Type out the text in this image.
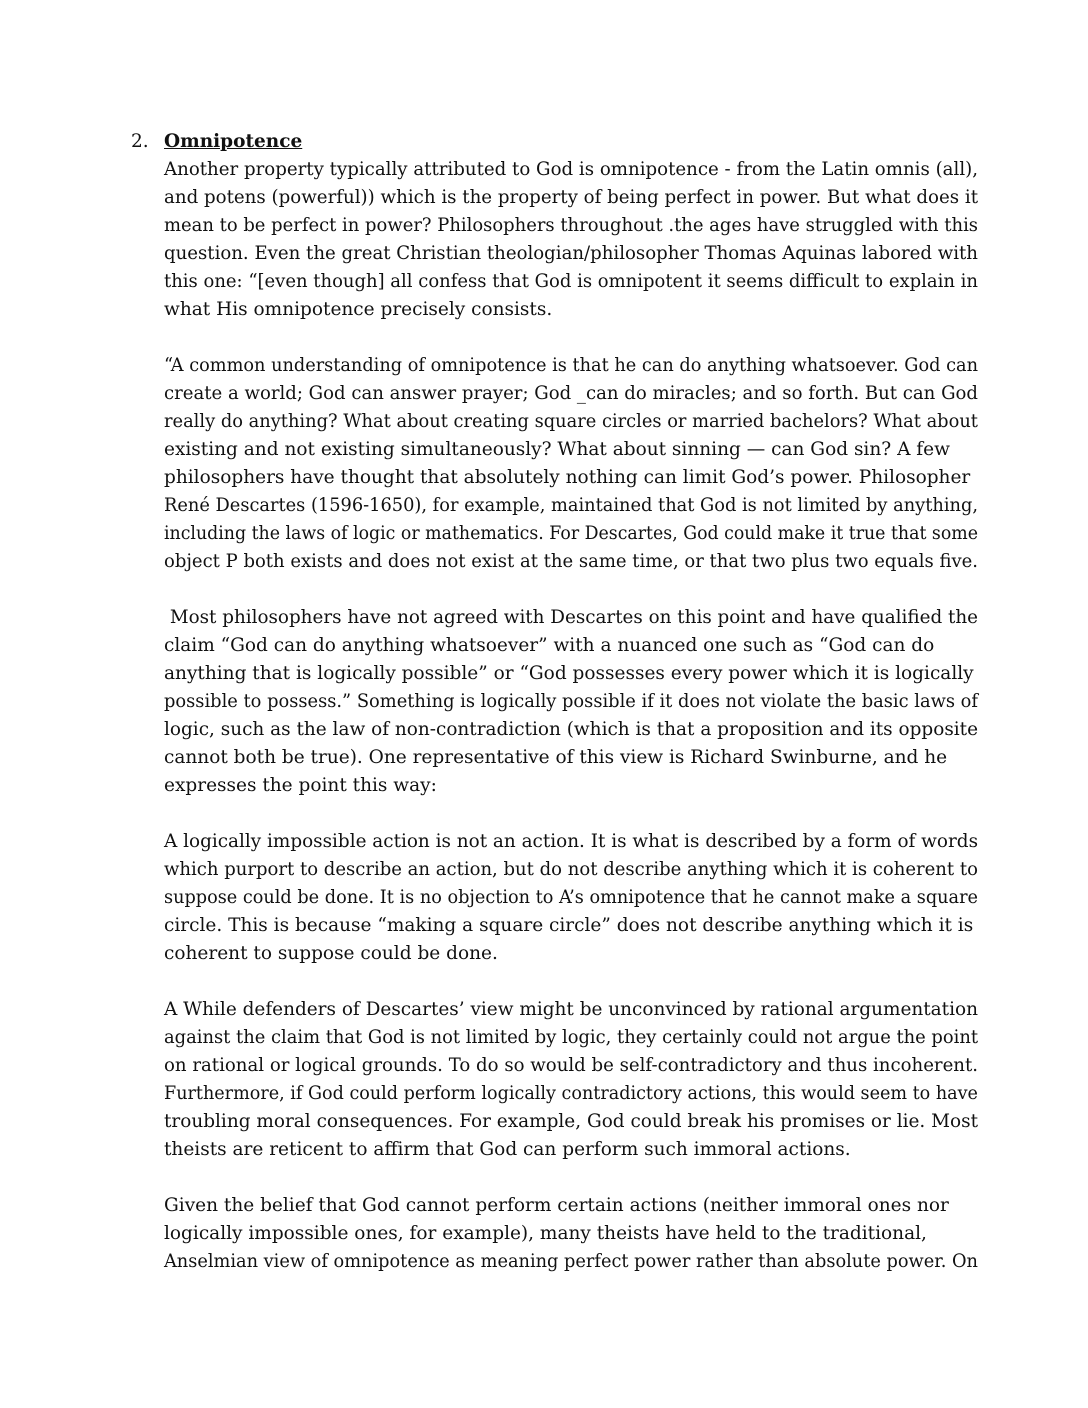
2. Omnipotence
Another property typically attributed to God is omnipotence - from the Latin omnis (all),
and potens (powerful)) which is the property of being perfect in power. But what does it
mean to be perfect in power? Philosophers throughout .the ages have struggled with this
question. Even the great Christian theologian/philosopher Thomas Aquinas labored with
this one: “[even though] all confess that God is omnipotent it seems difficult to explain in
what His omnipotence precisely consists.
“A common understanding of omnipotence is that he can do anything whatsoever. God can
create a world; God can answer prayer; God _can do miracles; and so forth. But can God
really do anything? What about creating square circles or married bachelors? What about
existing and not existing simultaneously? What about sinning — can God sin? A few
philosophers have thought that absolutely nothing can limit God’s power. Philosopher
René Descartes (1596-1650), for example, maintained that God is not limited by anything,
including the laws of logic or mathematics. For Descartes, God could make it true that some
object P both exists and does not exist at the same time, or that two plus two equals five.
Most philosophers have not agreed with Descartes on this point and have qualified the
claim “God can do anything whatsoever” with a nuanced one such as “God can do
anything that is logically possible” or “God possesses every power which it is logically
possible to possess.” Something is logically possible if it does not violate the basic laws of
logic, such as the law of non-contradiction (which is that a proposition and its opposite
cannot both be true). One representative of this view is Richard Swinburne, and he
expresses the point this way:
A logically impossible action is not an action. It is what is described by a form of words
which purport to describe an action, but do not describe anything which it is coherent to
suppose could be done. It is no objection to A’s omnipotence that he cannot make a square
circle. This is because “making a square circle” does not describe anything which it is
coherent to suppose could be done.
A While defenders of Descartes’ view might be unconvinced by rational argumentation
against the claim that God is not limited by logic, they certainly could not argue the point
on rational or logical grounds. To do so would be self-contradictory and thus incoherent.
Furthermore, if God could perform logically contradictory actions, this would seem to have
troubling moral consequences. For example, God could break his promises or lie. Most
theists are reticent to affirm that God can perform such immoral actions.
Given the belief that God cannot perform certain actions (neither immoral ones nor
logically impossible ones, for example), many theists have held to the traditional,
Anselmian view of omnipotence as meaning perfect power rather than absolute power. On
